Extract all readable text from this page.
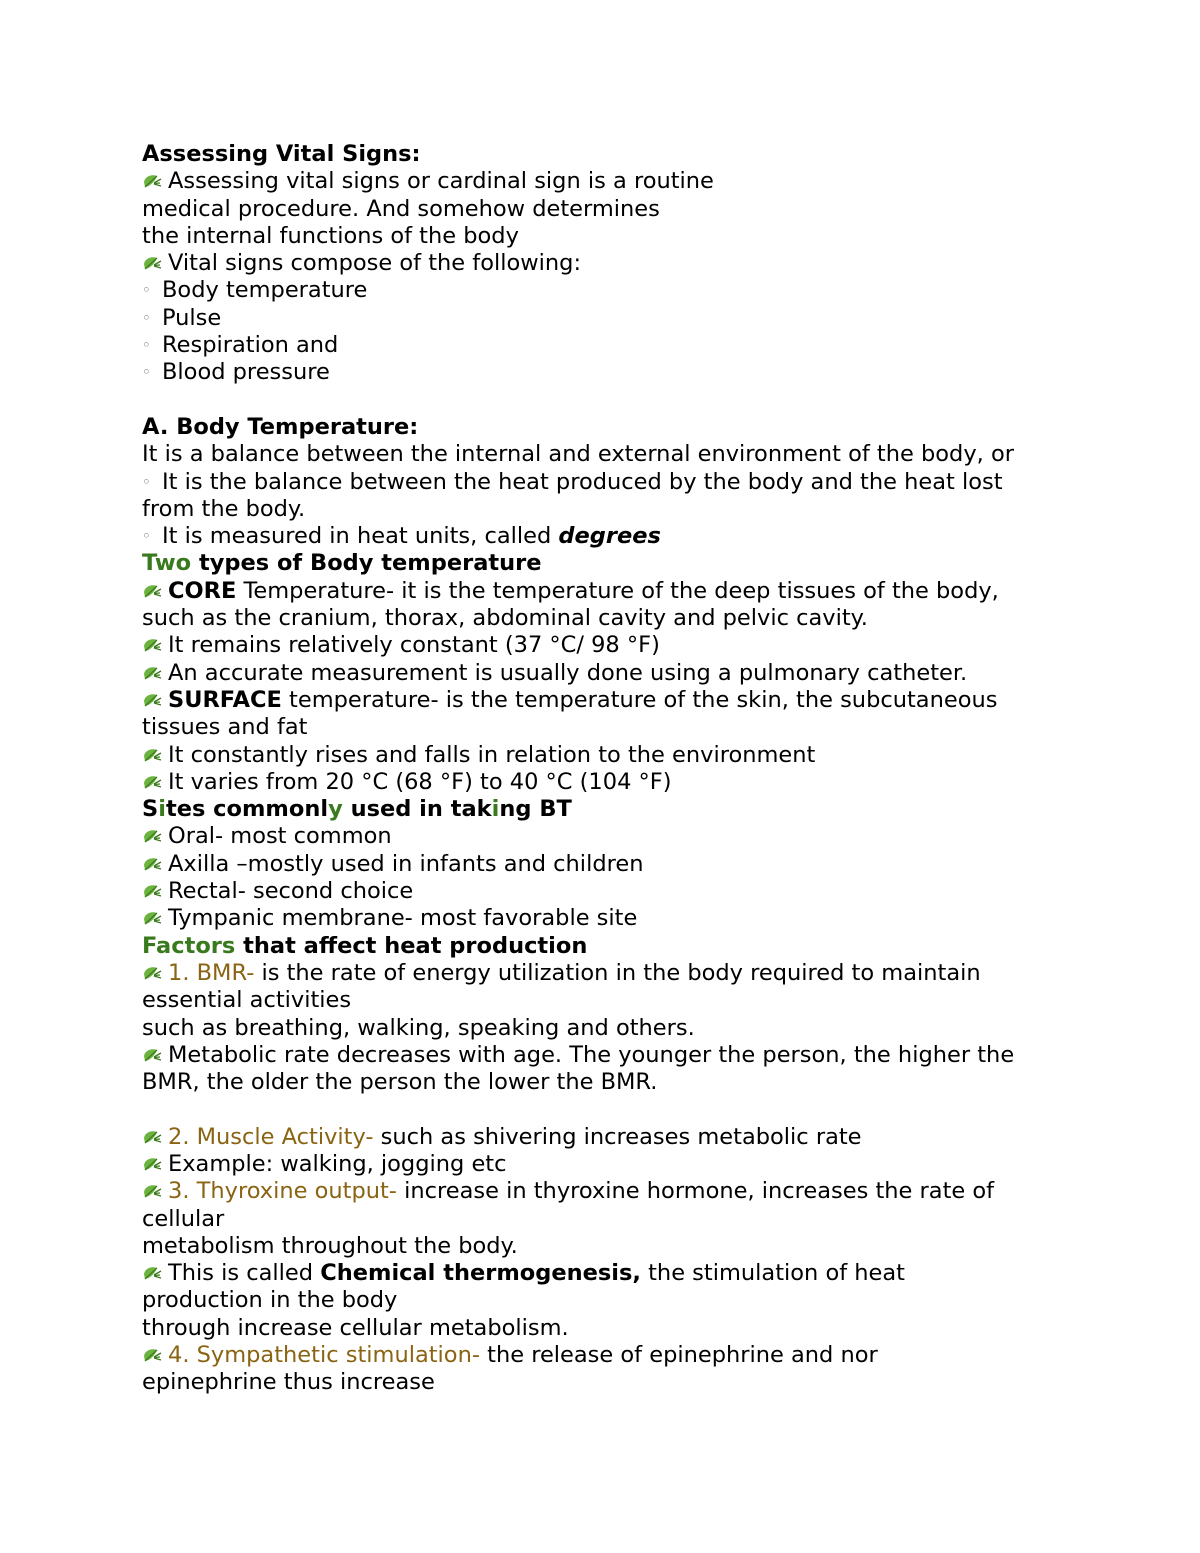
Assessing Vital Signs:
Assessing vital signs or cardinal sign is a routine
medical procedure. And somehow determines
the internal functions of the body
Vital signs compose of the following:
◦ Body temperature
◦ Pulse
◦ Respiration and
◦ Blood pressure
A. Body Temperature:
It is a balance between the internal and external environment of the body, or
◦ It is the balance between the heat produced by the body and the heat lost
from the body.
◦ It is measured in heat units, called degrees
Two types of Body temperature
CORE Temperature- it is the temperature of the deep tissues of the body,
such as the cranium, thorax, abdominal cavity and pelvic cavity.
It remains relatively constant (37 °C/ 98 °F)
An accurate measurement is usually done using a pulmonary catheter.
SURFACE temperature- is the temperature of the skin, the subcutaneous
tissues and fat
It constantly rises and falls in relation to the environment
It varies from 20 °C (68 °F) to 40 °C (104 °F)
Sites commonly used in taking BT
Oral- most common
Axilla –mostly used in infants and children
Rectal- second choice
Tympanic membrane- most favorable site
Factors that affect heat production
1. BMR- is the rate of energy utilization in the body required to maintain
essential activities
such as breathing, walking, speaking and others.
Metabolic rate decreases with age. The younger the person, the higher the
BMR, the older the person the lower the BMR.
2. Muscle Activity- such as shivering increases metabolic rate
Example: walking, jogging etc
3. Thyroxine output- increase in thyroxine hormone, increases the rate of
cellular
metabolism throughout the body.
This is called Chemical thermogenesis, the stimulation of heat
production in the body
through increase cellular metabolism.
4. Sympathetic stimulation- the release of epinephrine and nor
epinephrine thus increase
